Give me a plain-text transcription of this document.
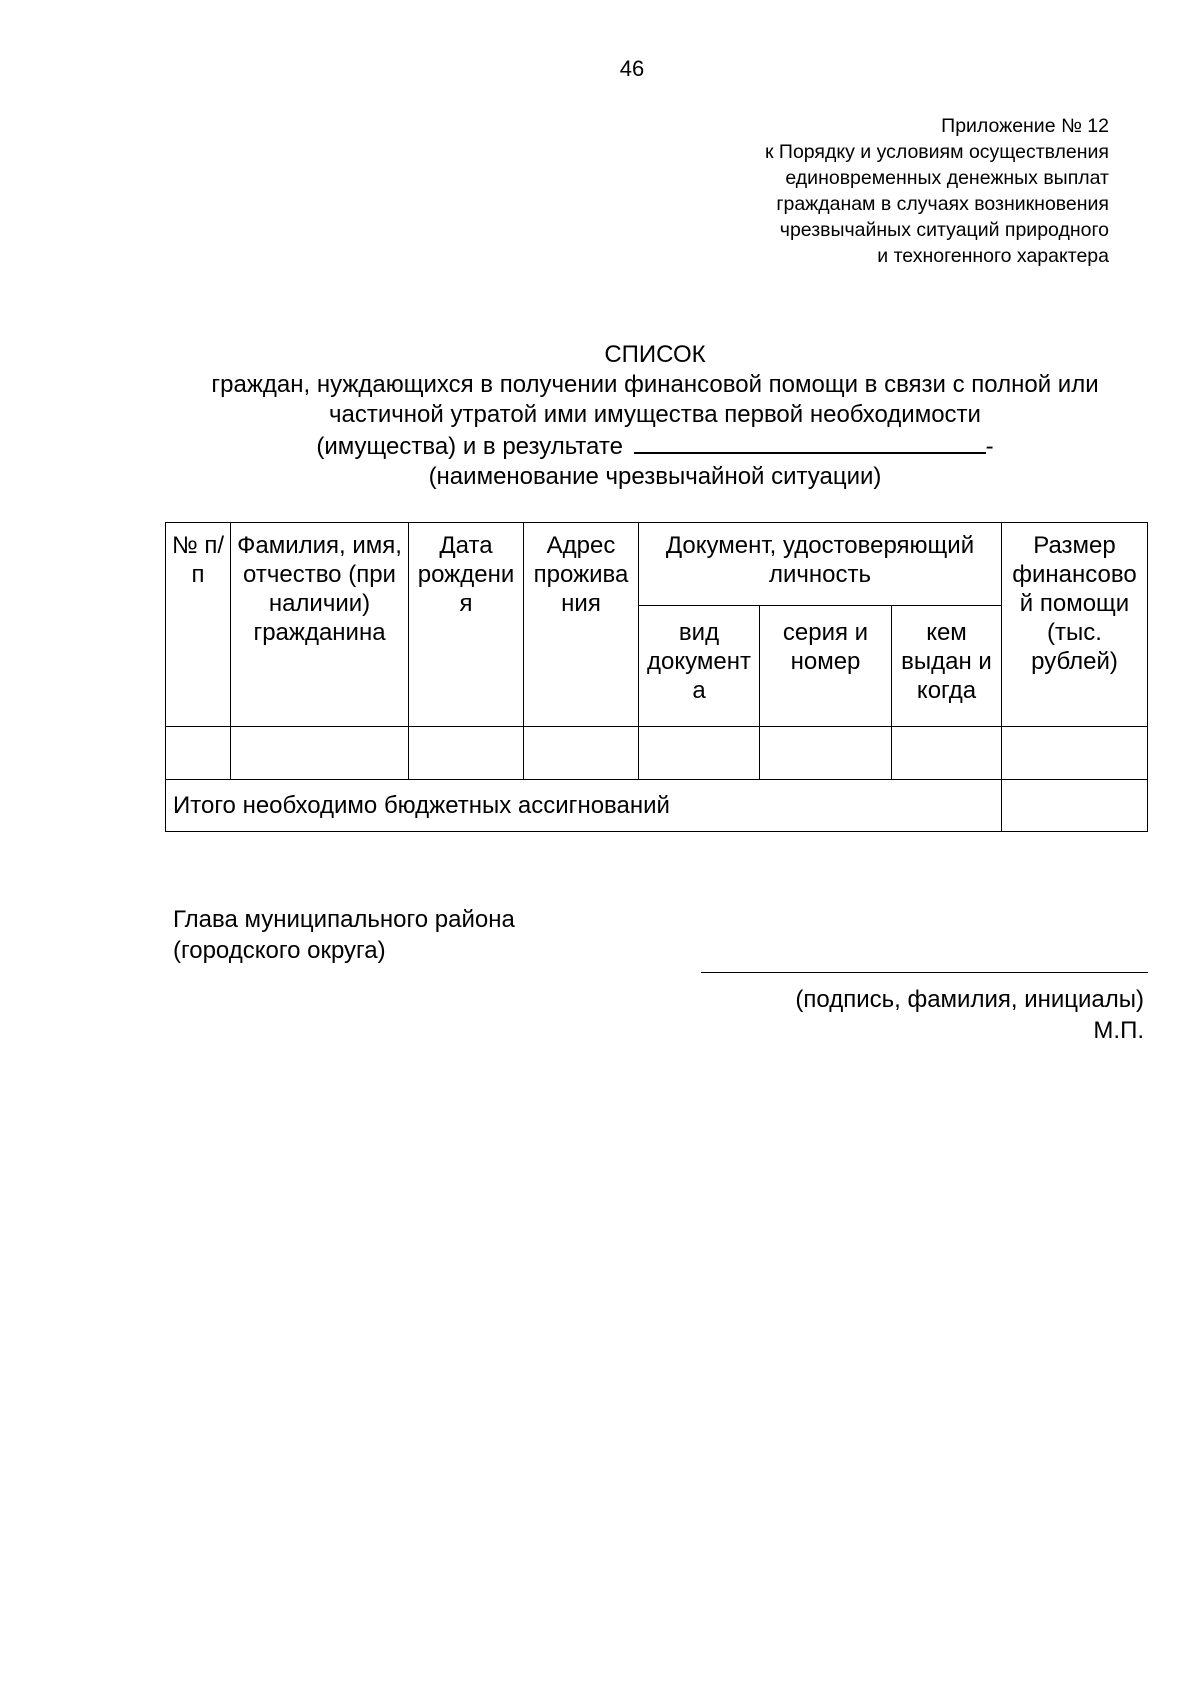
46
Приложение № 12
к Порядку и условиям осуществления
единовременных денежных выплат
гражданам в случаях возникновения
чрезвычайных ситуаций природного
и техногенного характера
СПИСОК
граждан, нуждающихся в получении финансовой помощи в связи с полной или
частичной утратой ими имущества первой необходимости
(имущества) и в результате	-
(наименование чрезвычайной ситуации)
№ п/п	Фамилия, имя, отчество (при наличии) гражданина	Дата рождения	Адрес проживания	Документ, удостоверяющий личность			Размер финансовой помощи (тыс. рублей)
				вид документа	серия и номер	кем выдан и когда	

Итого необходимо бюджетных ассигнований							
Глава муниципального района
(городского округа)
(подпись, фамилия, инициалы)
М.П.
